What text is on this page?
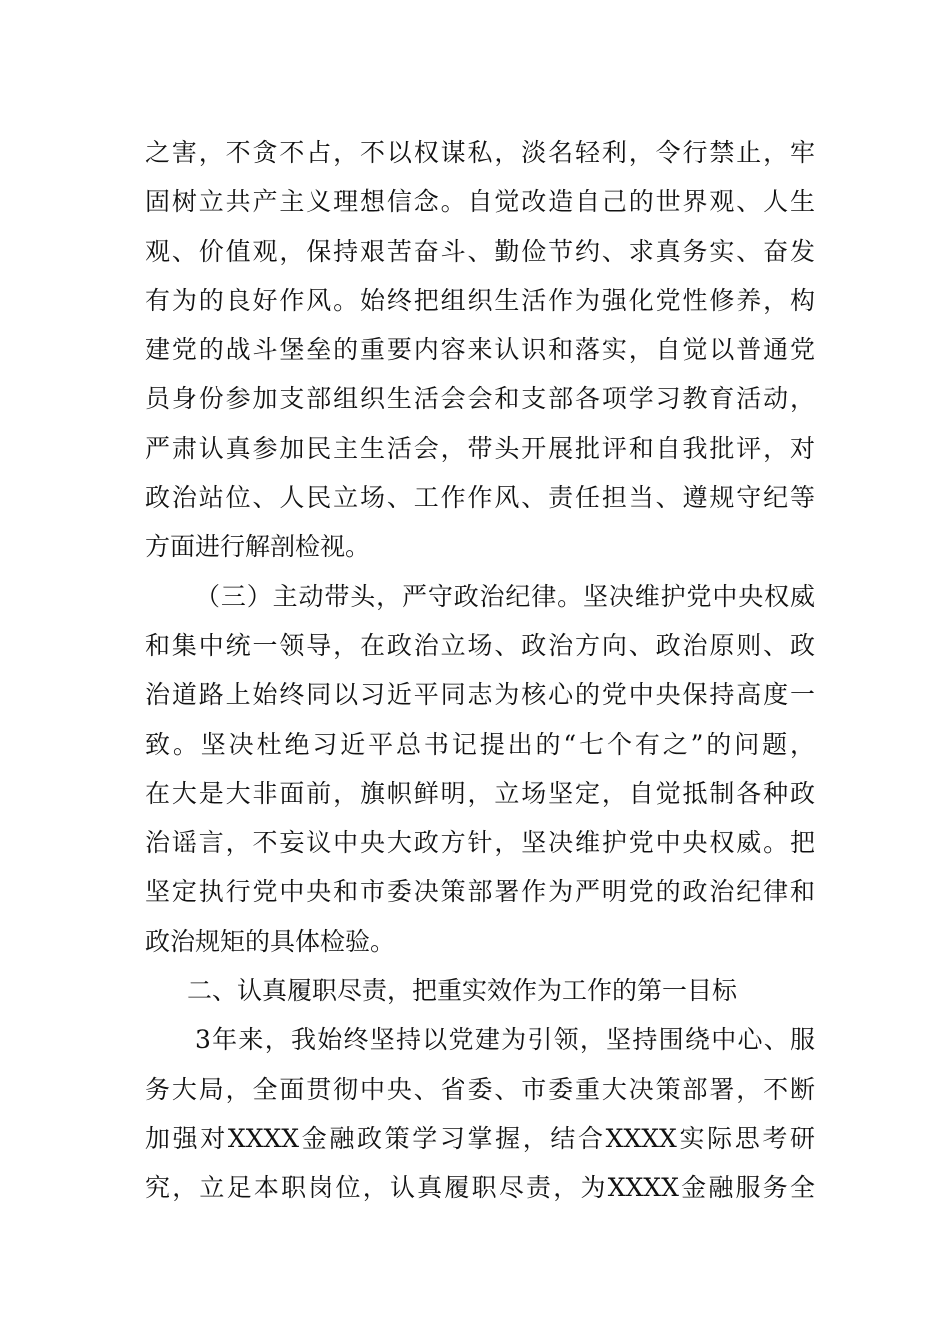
之害，不贪不占，不以权谋私，淡名轻利，令行禁止，牢
固树立共产主义理想信念。自觉改造自己的世界观、人生
观、价值观，保持艰苦奋斗、勤俭节约、求真务实、奋发
有为的良好作风。始终把组织生活作为强化党性修养，构
建党的战斗堡垒的重要内容来认识和落实，自觉以普通党
员身份参加支部组织生活会会和支部各项学习教育活动，
严肃认真参加民主生活会，带头开展批评和自我批评，对
政治站位、人民立场、工作作风、责任担当、遵规守纪等
方面进行解剖检视。
（三）主动带头，严守政治纪律。坚决维护党中央权威
和集中统一领导，在政治立场、政治方向、政治原则、政
治道路上始终同以习近平同志为核心的党中央保持高度一
致。坚决杜绝习近平总书记提出的“七个有之”的问题，
在大是大非面前，旗帜鲜明，立场坚定，自觉抵制各种政
治谣言，不妄议中央大政方针，坚决维护党中央权威。把
坚定执行党中央和市委决策部署作为严明党的政治纪律和
政治规矩的具体检验。
二、认真履职尽责，把重实效作为工作的第一目标
3年来，我始终坚持以党建为引领，坚持围绕中心、服
务大局，全面贯彻中央、省委、市委重大决策部署，不断
加强对XXXX金融政策学习掌握，结合XXXX实际思考研
究，立足本职岗位，认真履职尽责，为XXXX金融服务全
